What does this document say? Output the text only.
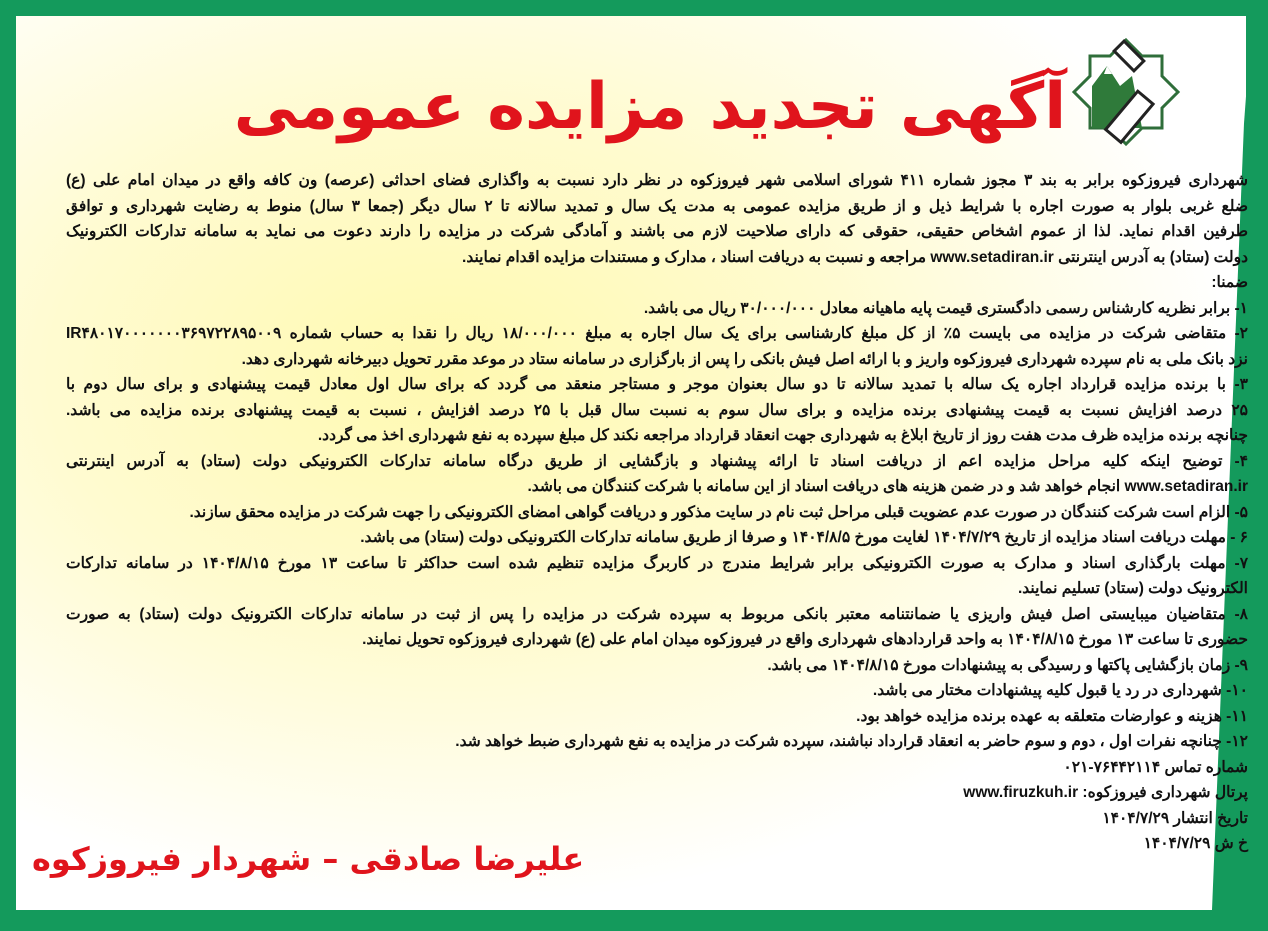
آگهی تجدید مزایده عمومی
شهرداری فیروزکوه برابر به بند ۳ مجوز شماره ۴۱۱ شورای اسلامی شهر فیروزکوه در نظر دارد نسبت به واگذاری فضای احداثی (عرصه) ون کافه واقع در میدان امام علی (ع)
ضلع غربی بلوار به صورت اجاره با شرایط ذیل و از طریق مزایده عمومی به مدت یک سال و تمدید سالانه تا ۲ سال دیگر (جمعا ۳ سال) منوط به رضایت شهرداری و توافق
طرفین اقدام نماید. لذا از عموم اشخاص حقیقی، حقوقی که دارای صلاحیت لازم می باشند و آمادگی شرکت در مزایده را دارند دعوت می نماید به سامانه تدارکات الکترونیک
دولت (ستاد) به آدرس اینترنتی www.setadiran.ir مراجعه و نسبت به دریافت اسناد ، مدارک و مستندات مزایده اقدام نمایند.
ضمنا:
۱- برابر نظریه کارشناس رسمی دادگستری قیمت پایه ماهیانه معادل ۳۰/۰۰۰/۰۰۰ ریال می باشد.
۲- متقاضی شرکت در مزایده می بایست ۵٪ از کل مبلغ کارشناسی برای یک سال اجاره به مبلغ ۱۸/۰۰۰/۰۰۰ ریال را نقدا به حساب شماره IR۴۸۰۱۷۰۰۰۰۰۰۰۳۶۹۷۲۲۸۹۵۰۰۹
نزد بانک ملی به نام سپرده شهرداری فیروزکوه واریز و با ارائه اصل فیش بانکی را پس از بارگزاری در سامانه ستاد در موعد مقرر تحویل دبیرخانه شهرداری دهد.
۳- با برنده مزایده قرارداد اجاره یک ساله با تمدید سالانه تا دو سال بعنوان موجر و مستاجر منعقد می گردد که برای سال اول معادل قیمت پیشنهادی و برای سال دوم با
۲۵ درصد افزایش نسبت به قیمت پیشنهادی برنده مزایده و برای سال سوم به نسبت سال قبل با ۲۵ درصد افزایش ، نسبت به قیمت پیشنهادی برنده مزایده می باشد.
چنانچه برنده مزایده ظرف مدت هفت روز از تاریخ ابلاغ به شهرداری جهت انعقاد قرارداد مراجعه نکند کل مبلغ سپرده به نفع شهرداری اخذ می گردد.
۴- توضیح اینکه کلیه مراحل مزایده اعم از دریافت اسناد تا ارائه پیشنهاد و بازگشایی از طریق درگاه سامانه تدارکات الکترونیکی دولت (ستاد) به آدرس اینترنتی
www.setadiran.ir انجام خواهد شد و در ضمن هزینه های دریافت اسناد از این سامانه با شرکت کنندگان می باشد.
۵- الزام است شرکت کنندگان در صورت عدم عضویت قبلی مراحل ثبت نام در سایت مذکور و دریافت گواهی امضای الکترونیکی را جهت شرکت در مزایده محقق سازند.
۶ - مهلت دریافت اسناد مزایده از تاریخ ۱۴۰۴/۷/۲۹ لغایت مورخ ۱۴۰۴/۸/۵ و صرفا از طریق سامانه تدارکات الکترونیکی دولت (ستاد) می باشد.
۷- مهلت بارگذاری اسناد و مدارک به صورت الکترونیکی برابر شرایط مندرج در کاربرگ مزایده تنظیم شده است حداکثر تا ساعت ۱۳ مورخ ۱۴۰۴/۸/۱۵ در سامانه تدارکات
الکترونیک دولت (ستاد) تسلیم نمایند.
۸- متقاضیان میبایستی اصل فیش واریزی یا ضمانتنامه معتبر بانکی مربوط به سپرده شرکت در مزایده را پس از ثبت در سامانه تدارکات الکترونیک دولت (ستاد) به صورت
حضوری تا ساعت ۱۳ مورخ ۱۴۰۴/۸/۱۵ به واحد قراردادهای شهرداری واقع در فیروزکوه میدان امام علی (ع) شهرداری فیروزکوه تحویل نمایند.
۹- زمان بازگشایی پاکتها و رسیدگی به پیشنهادات مورخ ۱۴۰۴/۸/۱۵ می باشد.
۱۰- شهرداری در رد یا قبول کلیه پیشنهادات مختار می باشد.
۱۱- هزینه و عوارضات متعلقه به عهده برنده مزایده خواهد بود.
۱۲- چنانچه نفرات اول ، دوم و سوم حاضر به انعقاد قرارداد نباشند، سپرده شرکت در مزایده به نفع شهرداری ضبط خواهد شد.
شماره تماس ۷۶۴۴۲۱۱۴-۰۲۱
پرتال شهرداری فیروزکوه: www.firuzkuh.ir
تاریخ انتشار ۱۴۰۴/۷/۲۹
خ ش ۱۴۰۴/۷/۲۹
علیرضا صادقی – شهردار فیروزکوه
